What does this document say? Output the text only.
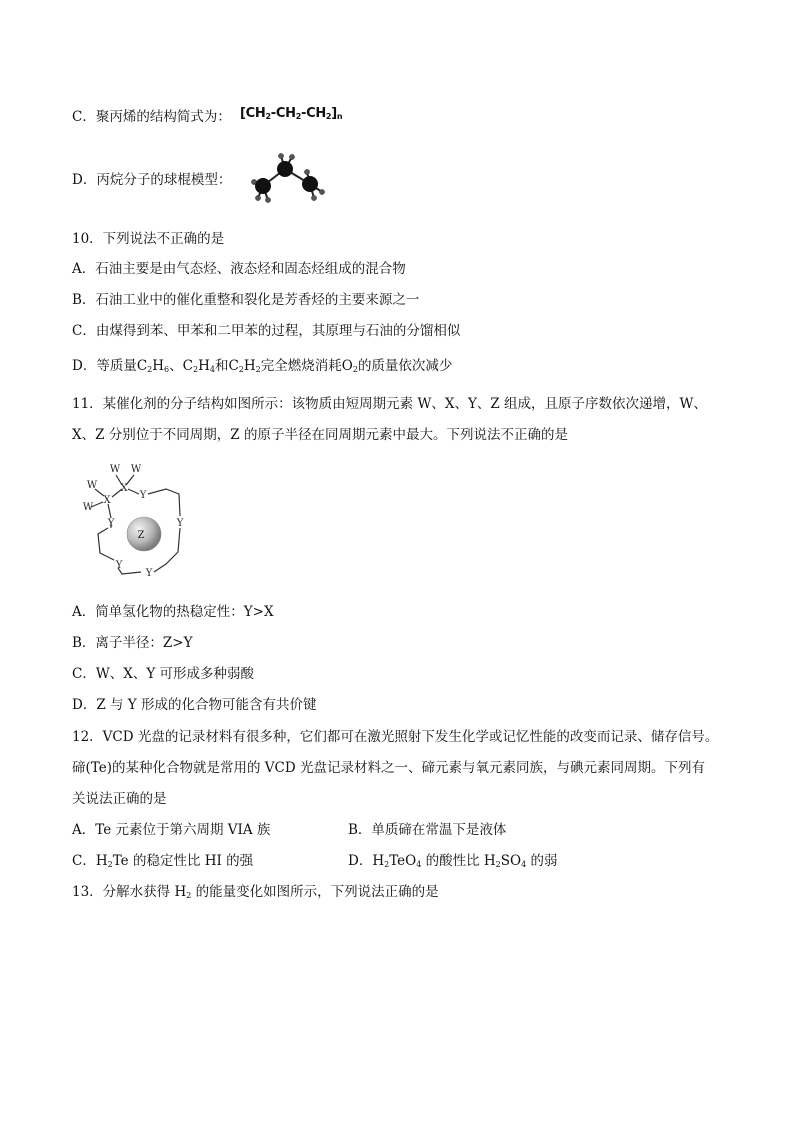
C．聚丙烯的结构简式为： $[CH_2-CH_2-CH_2]_n$
D．丙烷分子的球棍模型：
10．下列说法不正确的是
A．石油主要是由气态烃、液态烃和固态烃组成的混合物
B．石油工业中的催化重整和裂化是芳香烃的主要来源之一
C．由煤得到苯、甲苯和二甲苯的过程，其原理与石油的分馏相似
D．等质量$C_2H_6$、$C_2H_4$和$C_2H_2$完全燃烧消耗$O_2$的质量依次减少
11．某催化剂的分子结构如图所示：该物质由短周期元素 W、X、Y、Z 组成，且原子序数依次递增，W、
X、Z 分别位于不同周期，Z 的原子半径在同周期元素中最大。下列说法不正确的是
W W
W
W
X
X	Y
Y	Y
Y
Y
Z
A．简单氢化物的热稳定性：Y>X
B．离子半径：Z>Y
C．W、X、Y 可形成多种弱酸
D．Z 与 Y 形成的化合物可能含有共价键
12．VCD 光盘的记录材料有很多种，它们都可在激光照射下发生化学或记忆性能的改变而记录、储存信号。
碲(Te)的某种化合物就是常用的 VCD 光盘记录材料之一、碲元素与氧元素同族，与碘元素同周期。下列有
关说法正确的是
A．Te 元素位于第六周期 VIA 族	B．单质碲在常温下是液体
C．$H_2Te$ 的稳定性比 HI 的强	D．$H_2TeO_4$ 的酸性比 $H_2SO_4$ 的弱
13．分解水获得 $H_2$ 的能量变化如图所示，下列说法正确的是
